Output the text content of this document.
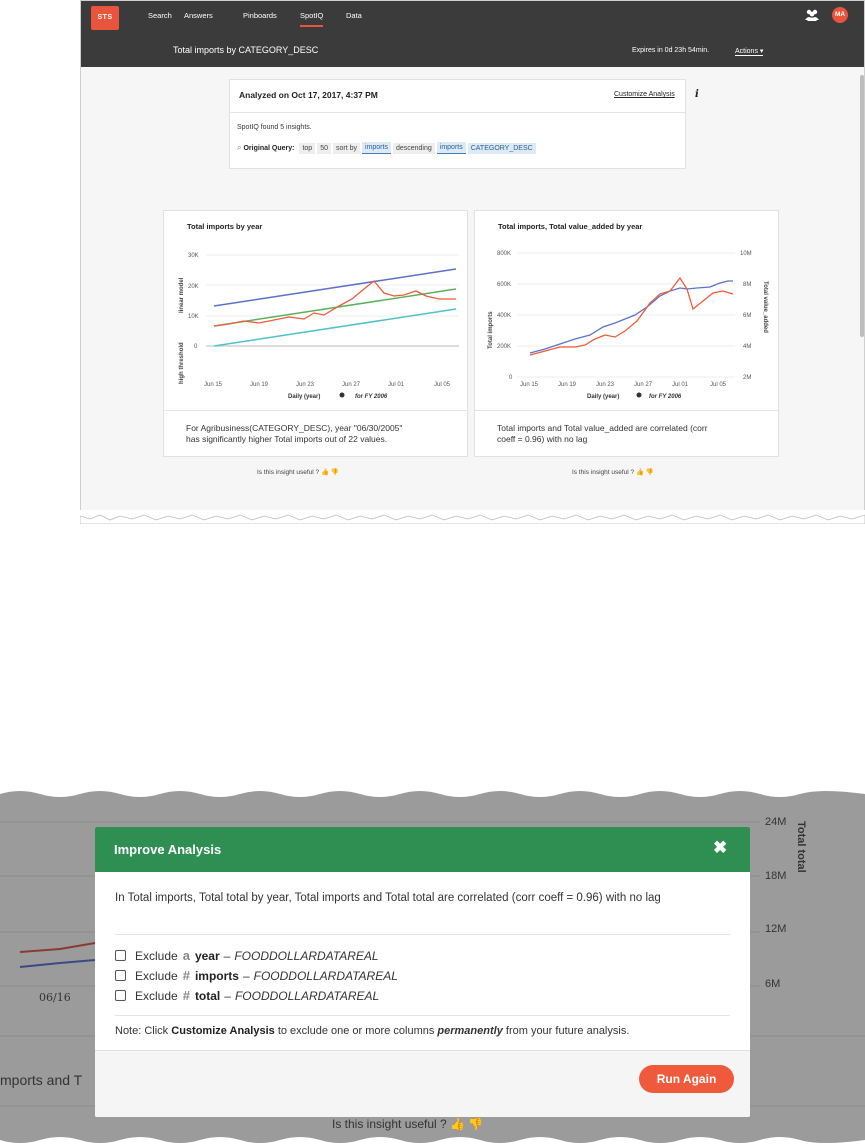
STS	Search Answers	Pinboards	SpotIQ	Data	MA
Total imports by CATEGORY_DESC	Expires in 0d 23h 54min.	Actions ▾
Analyzed on Oct 17, 2017, 4:37 PM	Customize Analysis i
SpotIQ found 5 insights.
⌕ Original Query:	top	50	sort by	imports	descending	imports	CATEGORY_DESC
Total imports by year
30K
20K
10K
0
Jun 15	Jun 19	Jun 23	Jun 27	Jul 01	Jul 05
Daily (year)	for FY 2006
linear model
high threshold
For Agribusiness(CATEGORY_DESC), year "06/30/2005"
has significantly higher Total imports out of 22 values.
Is this insight useful ? 👍 👎
Total imports, Total value_added by year
800K
600K
400K
200K
0
10M
8M
6M
4M
2M
Jun 15	Jun 19	Jun 23	Jun 27	Jul 01	Jul 05
Daily (year)	for FY 2006
Total imports	Total value_added
Total imports and Total value_added are correlated (corr
coeff = 0.96) with no lag
Is this insight useful ? 👍 👎
24M
18M
12M
6M
Total total
06/16
mports and T
Is this insight useful ? 👍 👎
Improve Analysis	✖
In Total imports, Total total by year, Total imports and Total total are correlated (corr coeff = 0.96) with no lag
Exclude a year – FOODDOLLARDATAREAL
Exclude # imports – FOODDOLLARDATAREAL
Exclude # total – FOODDOLLARDATAREAL
Note: Click Customize Analysis to exclude one or more columns permanently from your future analysis.
Run Again
